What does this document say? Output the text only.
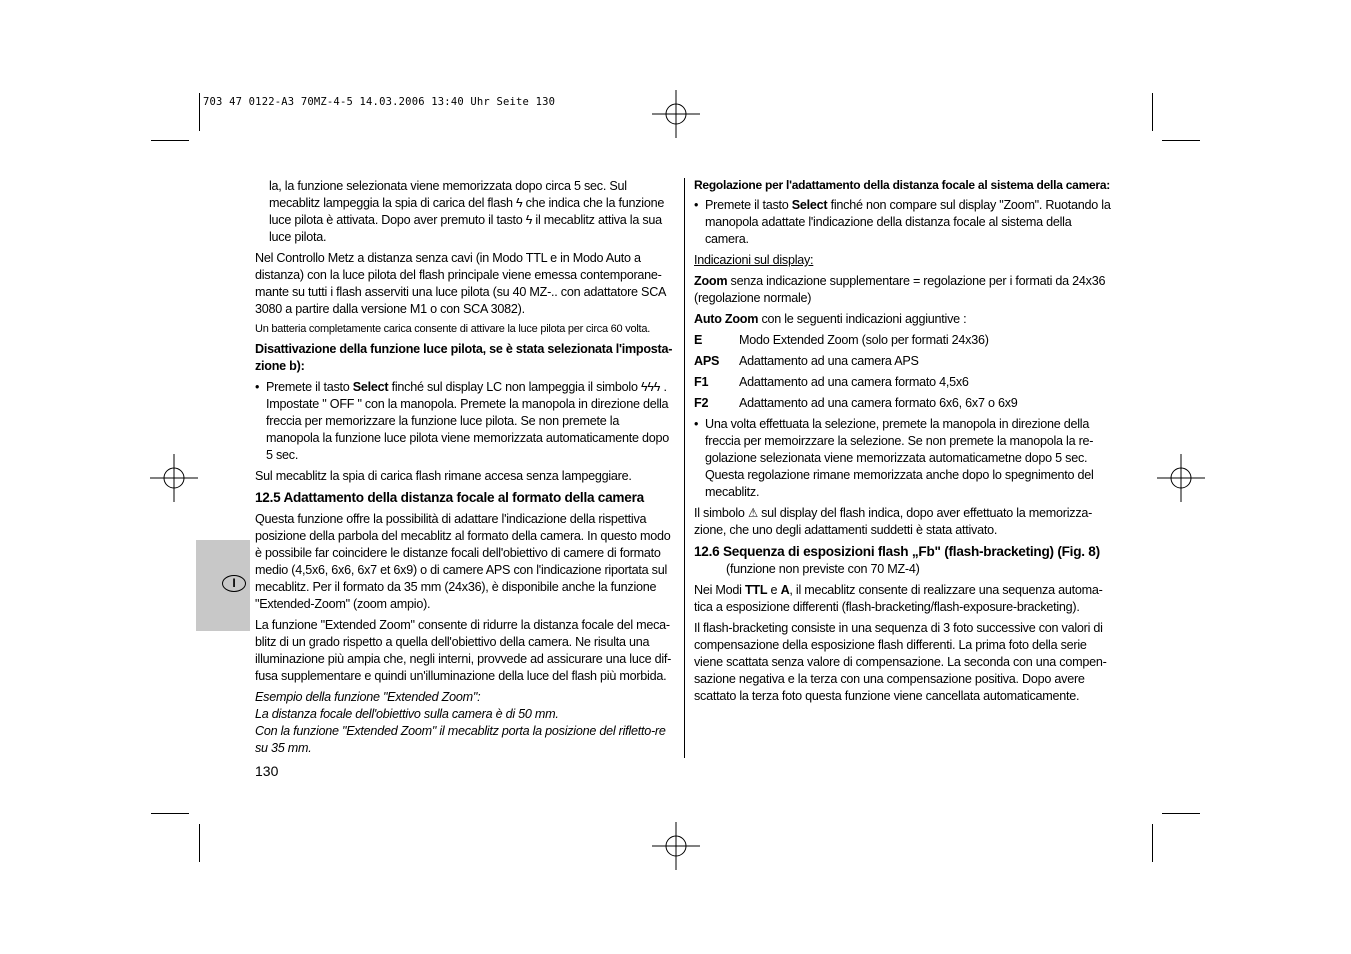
703 47 0122-A3 70MZ-4-5 14.03.2006 13:40 Uhr Seite 130
I

la, la funzione selezionata viene memorizzata dopo circa 5 sec. Sul mecablitz lampeggia la spia di carica del flash ϟ che indica che la funzione luce pilota è attivata. Dopo aver premuto il tasto ϟ il mecablitz attiva la sua luce pilota.

Nel Controllo Metz a distanza senza cavi (in Modo TTL e in Modo Auto a distanza) con la luce pilota del flash principale viene emessa contemporane-mante su tutti i flash asserviti una luce pilota (su 40 MZ-.. con adattatore SCA 3080 a partire dalla versione M1 o con SCA 3082).

Un batteria completamente carica consente di attivare la luce pilota per circa 60 volta.

Disattivazione della funzione luce pilota, se è stata selezionata l'imposta-zione b):

• Premete il tasto Select finché sul display LC non lampeggia il simbolo ϟϟϟ . Impostate " OFF " con la manopola. Premete la manopola in direzione della freccia per memorizzare la funzione luce pilota. Se non premete la manopola la funzione luce pilota viene memorizzata automaticamente dopo 5 sec.

Sul mecablitz la spia di carica flash rimane accesa senza lampeggiare.

12.5 Adattamento della distanza focale al formato della camera

Questa funzione offre la possibilità di adattare l'indicazione della rispettiva posizione della parbola del mecablitz al formato della camera. In questo modo è possibile far coincidere le distanze focali dell'obiettivo di camere di formato medio (4,5x6, 6x6, 6x7 et 6x9) o di camere APS con l'indicazione riportata sul mecablitz. Per il formato da 35 mm (24x36), è disponibile anche la funzione "Extended-Zoom" (zoom ampio).

La funzione "Extended Zoom" consente di ridurre la distanza focale del meca-blitz di un grado rispetto a quella dell'obiettivo della camera. Ne risulta una illuminazione più ampia che, negli interni, provvede ad assicurare una luce dif-fusa supplementare e quindi un'illuminazione della luce del flash più morbida.

Esempio della funzione "Extended Zoom":
La distanza focale dell'obiettivo sulla camera è di 50 mm.
Con la funzione "Extended Zoom" il mecablitz porta la posizione del rifletto-re su 35 mm.
130

Regolazione per l'adattamento della distanza focale al sistema della camera:

• Premete il tasto Select finché non compare sul display "Zoom". Ruotando la manopola adattate l'indicazione della distanza focale al sistema della camera.

Indicazioni sul display:

Zoom senza indicazione supplementare = regolazione per i formati da 24x36 (regolazione normale)

Auto Zoom con le seguenti indicazioni aggiuntive :

E	Modo Extended Zoom (solo per formati 24x36)

APS	Adattamento ad una camera APS

F1	Adattamento ad una camera formato 4,5x6

F2	Adattamento ad una camera formato 6x6, 6x7 o 6x9

• Una volta effettuata la selezione, premete la manopola in direzione della freccia per memoirzzare la selezione. Se non premete la manopola la re-golazione selezionata viene memorizzata automaticametne dopo 5 sec. Questa regolazione rimane memorizzata anche dopo lo spegnimento del mecablitz.

Il simbolo ⚠ sul display del flash indica, dopo aver effettuato la memorizza-zione, che uno degli adattamenti suddetti è stata attivato.

12.6 Sequenza di esposizioni flash „Fb" (flash-bracketing) (Fig. 8)

(funzione non previste con 70 MZ-4)

Nei Modi TTL e A, il mecablitz consente di realizzare una sequenza automa-tica a esposizione differenti (flash-bracketing/flash-exposure-bracketing).

Il flash-bracketing consiste in una sequenza di 3 foto successive con valori di compensazione della esposizione flash differenti. La prima foto della serie viene scattata senza valore di compensazione. La seconda con una compen-sazione negativa e la terza con una compensazione positiva. Dopo avere scattato la terza foto questa funzione viene cancellata automaticamente.
